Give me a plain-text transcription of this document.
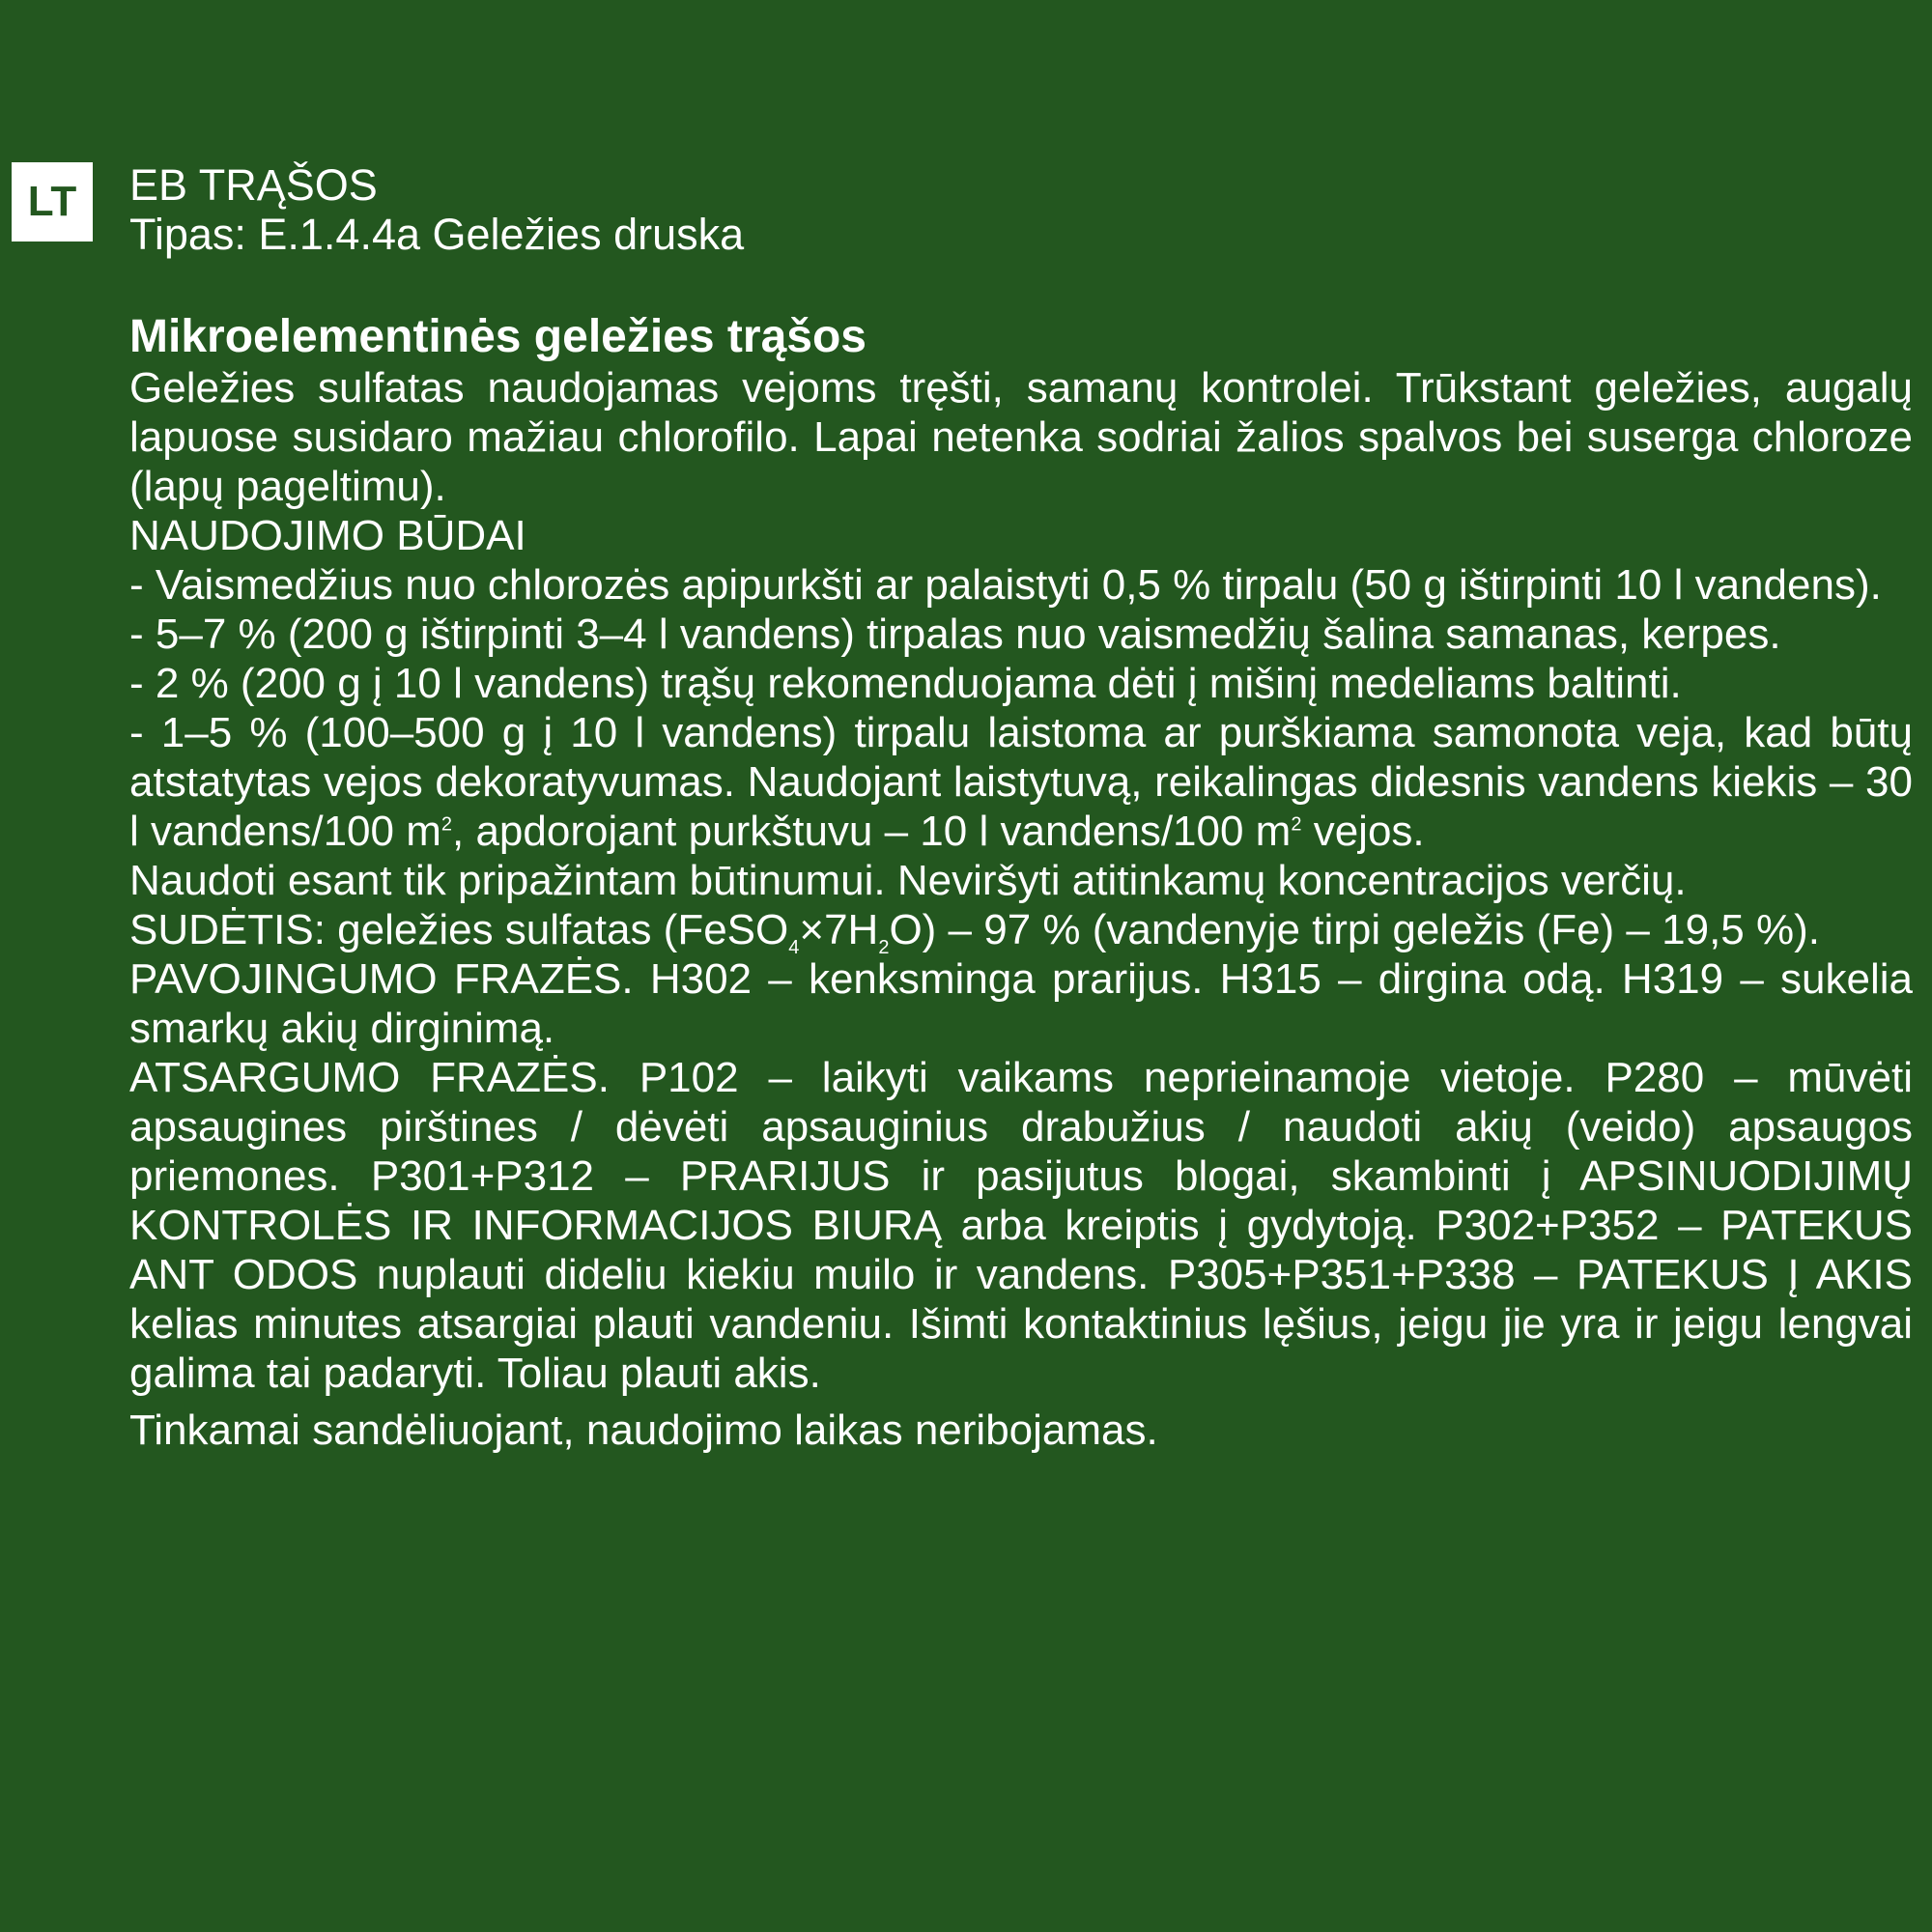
LT	EB TRĄŠOS
Tipas: E.1.4.4a Geležies druska
Mikroelementinės geležies trąšos
Geležies sulfatas naudojamas vejoms tręšti, samanų kontrolei. Trūkstant geležies, augalų lapuose susidaro mažiau chlorofilo. Lapai netenka sodriai žalios spalvos bei suserga chloroze (lapų pageltimu).
NAUDOJIMO BŪDAI
- Vaismedžius nuo chlorozės apipurkšti ar palaistyti 0,5 % tirpalu (50 g ištirpinti 10 l vandens).
- 5–7 % (200 g ištirpinti 3–4 l vandens) tirpalas nuo vaismedžių šalina samanas, kerpes.
- 2 % (200 g į 10 l vandens) trąšų rekomenduojama dėti į mišinį medeliams baltinti.
- 1–5 % (100–500 g į 10 l vandens) tirpalu laistoma ar purškiama samonota veja, kad būtų atstatytas vejos dekoratyvumas. Naudojant laistytuvą, reikalingas didesnis vandens kiekis – 30 l vandens/100 $m^2$, apdorojant purkštuvu – 10 l vandens/100 $m^2$ vejos.
Naudoti esant tik pripažintam būtinumui. Neviršyti atitinkamų koncentracijos verčių.
SUDĖTIS: geležies sulfatas $(FeSO_4\times 7H_2O) - 97$ % (vandenyje tirpi geležis (Fe) – 19,5 %).
PAVOJINGUMO FRAZĖS. H302 – kenksminga prarijus. H315 – dirgina odą. H319 – sukelia smarkų akių dirginimą.
ATSARGUMO FRAZĖS. P102 – laikyti vaikams neprieinamoje vietoje. P280 – mūvėti apsaugines pirštines / dėvėti apsauginius drabužius / naudoti akių (veido) apsaugos priemones. P301+P312 – PRARIJUS ir pasijutus blogai, skambinti į APSINUODIJIMŲ KONTROLĖS IR INFORMACIJOS BIURĄ arba kreiptis į gydytoją. P302+P352 – PATEKUS ANT ODOS nuplauti dideliu kiekiu muilo ir vandens. P305+P351+P338 – PATEKUS Į AKIS kelias minutes atsargiai plauti vandeniu. Išimti kontaktinius lęšius, jeigu jie yra ir jeigu lengvai galima tai padaryti. Toliau plauti akis.
Tinkamai sandėliuojant, naudojimo laikas neribojamas.
